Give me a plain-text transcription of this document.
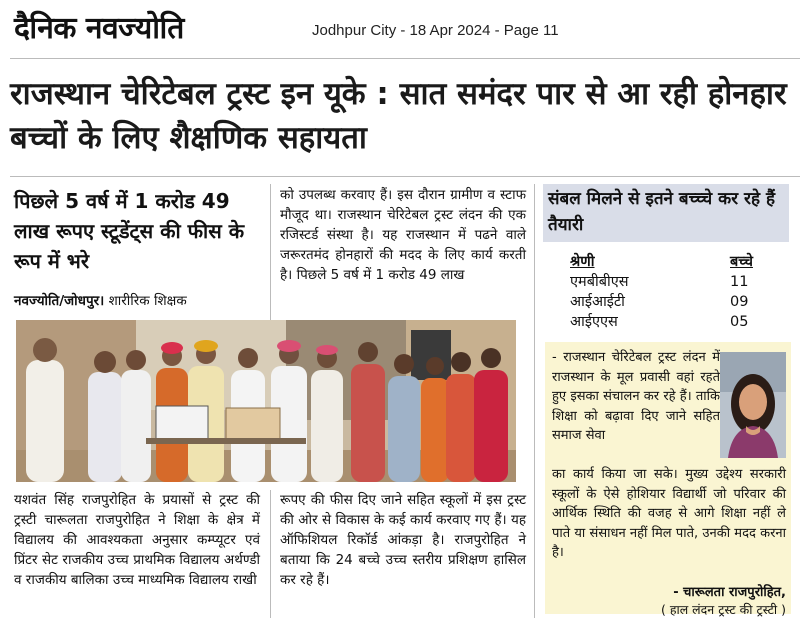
दैनिक नवज्योति	Jodhpur City - 18 Apr 2024 - Page 11
राजस्थान चेरिटेबल ट्रस्ट इन यूके : सात समंदर पार से आ रही होनहार बच्चों के लिए शैक्षणिक सहायता
पिछले 5 वर्ष में 1 करोड 49 लाख रूपए स्टूडेंट्स की फीस के रूप में भरे
नवज्योति/जोधपुर। शारीरिक शिक्षक
को उपलब्ध करवाए हैं। इस दौरान ग्रामीण व स्टाफ मौजूद था। राजस्थान चेरिटेबल ट्रस्ट लंदन की एक रजिस्टर्ड संस्था है। यह राजस्थान में पढने वाले जरूरतमंद होनहारों की मदद के लिए कार्य करती है। पिछले 5 वर्ष में 1 करोड 49 लाख
यशवंत सिंह राजपुरोहित के प्रयासों से ट्रस्ट की ट्रस्टी चारूलता राजपुरोहित ने शिक्षा के क्षेत्र में विद्यालय की आवश्यकता अनुसार कम्प्यूटर एवं प्रिंटर सेट राजकीय उच्च प्राथमिक विद्यालय अर्थण्डी व राजकीय बालिका उच्च माध्यमिक विद्यालय राखी
रूपए की फीस दिए जाने सहित स्कूलों में इस ट्रस्ट की ओर से विकास के कई कार्य करवाए गए हैं। यह ऑफिशियल रिकॉर्ड आंकड़ा है। राजपुरोहित ने बताया कि 24 बच्चे उच्च स्तरीय प्रशिक्षण हासिल कर रहे हैं।
संबल मिलने से इतने बच्च्चे कर रहे हैं तैयारी
श्रेणी	बच्चे
एमबीबीएस	11
आईआईटी	09
आईएएस	05
- राजस्थान चेरिटेबल ट्रस्ट लंदन में राजस्थान के मूल प्रवासी वहां रहते हुए इसका संचालन कर रहे हैं। ताकि शिक्षा को बढ़ावा दिए जाने सहित समाज सेवा
का कार्य किया जा सके। मुख्य उद्देश्य सरकारी स्कूलों के ऐसे होशियार विद्यार्थी जो परिवार की आर्थिक स्थिति की वजह से आगे शिक्षा नहीं ले पाते या संसाधन नहीं मिल पाते, उनकी मदद करना है।
- चारूलता राजपुरोहित,
( हाल लंदन ट्रस्ट की ट्रस्टी )
